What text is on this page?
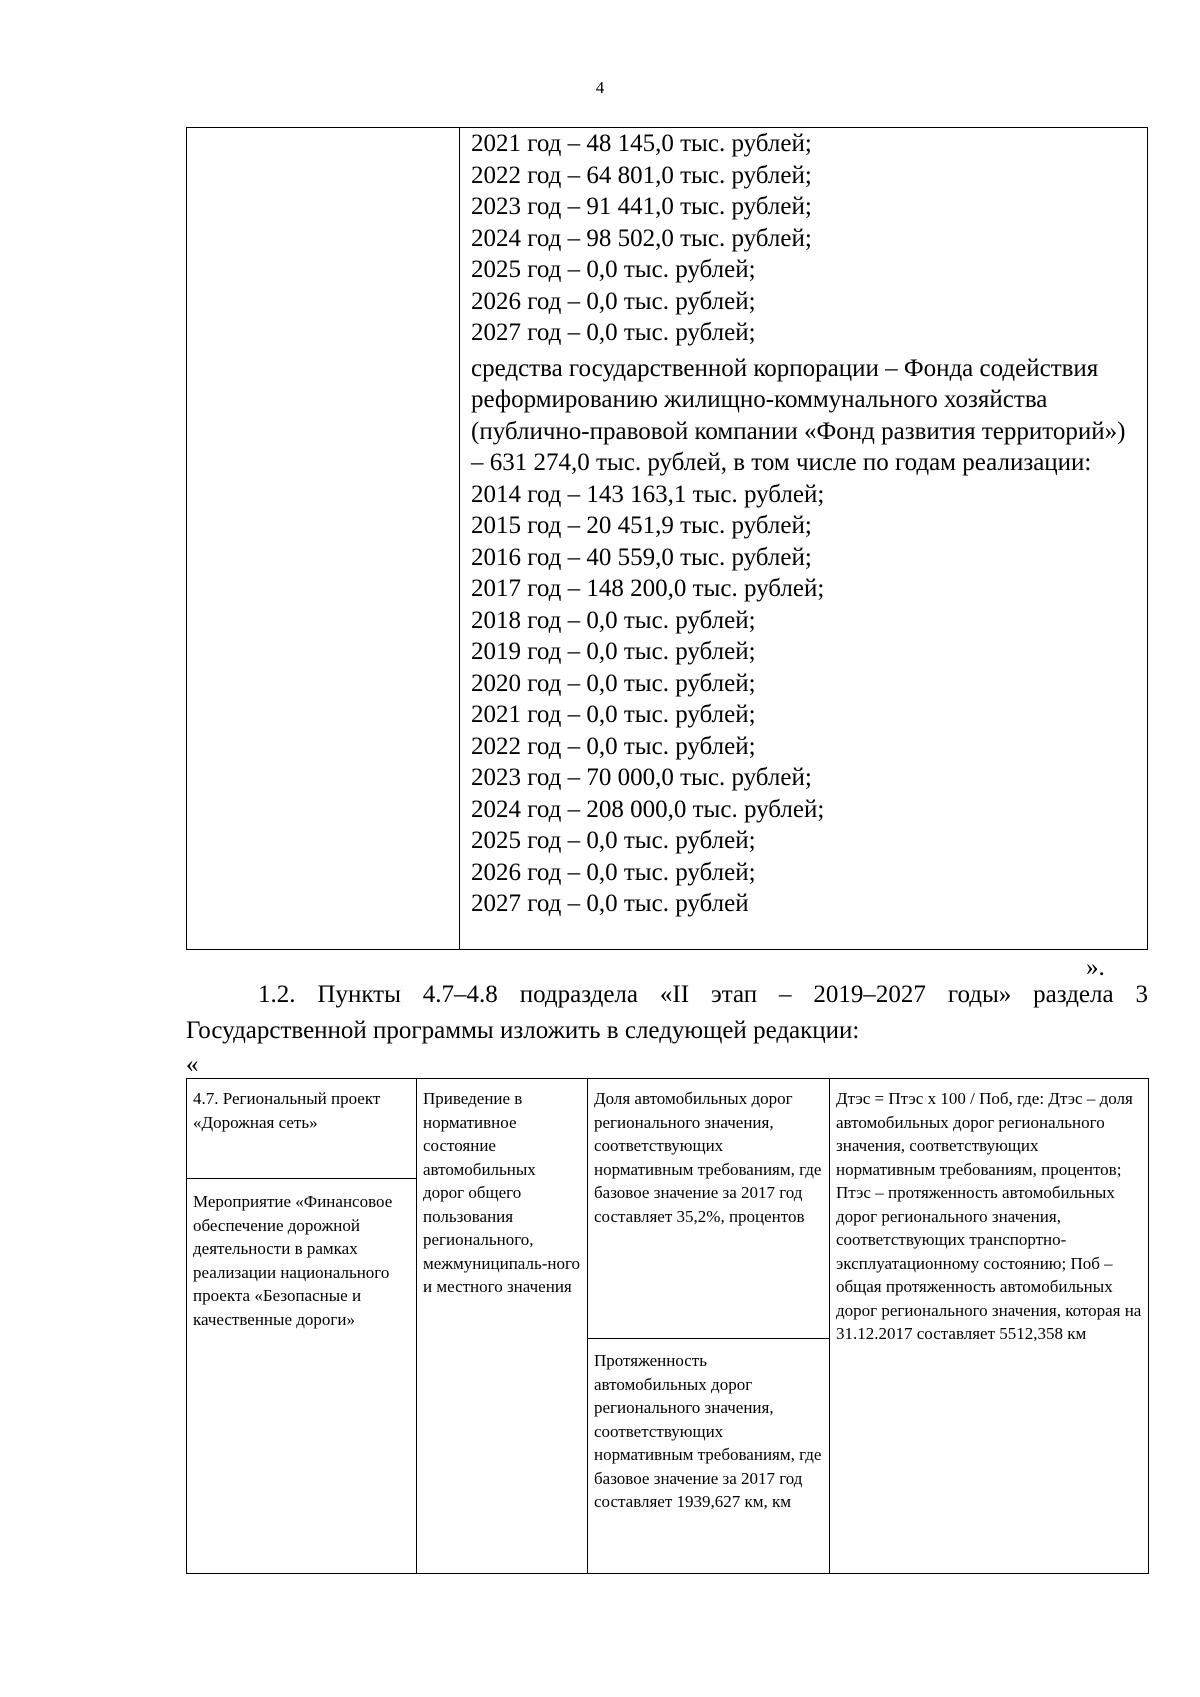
4
2021 год – 48 145,0 тыс. рублей;
2022 год – 64 801,0 тыс. рублей;
2023 год – 91 441,0 тыс. рублей;
2024 год – 98 502,0 тыс. рублей;
2025 год – 0,0 тыс. рублей;
2026 год – 0,0 тыс. рублей;
2027 год – 0,0 тыс. рублей;
средства государственной корпорации – Фонда содействия реформированию жилищно-коммунального хозяйства (публично-правовой компании «Фонд развития территорий») – 631 274,0 тыс. рублей, в том числе по годам реализации:
2014 год – 143 163,1 тыс. рублей;
2015 год – 20 451,9 тыс. рублей;
2016 год – 40 559,0 тыс. рублей;
2017 год – 148 200,0 тыс. рублей;
2018 год – 0,0 тыс. рублей;
2019 год – 0,0 тыс. рублей;
2020 год – 0,0 тыс. рублей;
2021 год – 0,0 тыс. рублей;
2022 год – 0,0 тыс. рублей;
2023 год – 70 000,0 тыс. рублей;
2024 год – 208 000,0 тыс. рублей;
2025 год – 0,0 тыс. рублей;
2026 год – 0,0 тыс. рублей;
2027 год – 0,0 тыс. рублей
».
1.2. Пункты 4.7–4.8 подраздела «II этап – 2019–2027 годы» раздела 3 Государственной программы изложить в следующей редакции:
«
4.7. Региональный проект «Дорожная сеть»
Мероприятие «Финансовое обеспечение дорожной деятельности в рамках реализации национального проекта «Безопасные и качественные дороги»
Приведение в нормативное состояние автомобильных дорог общего пользования регионального, межмуниципаль-ного и местного значения
Доля автомобильных дорог регионального значения, соответствующих нормативным требованиям, где базовое значение за 2017 год составляет 35,2%, процентов
Протяженность автомобильных дорог регионального значения, соответствующих нормативным требованиям, где базовое значение за 2017 год составляет 1939,627 км, км
Дтэс = Птэс х 100 / Поб, где: Дтэс – доля автомобильных дорог регионального значения, соответствующих нормативным требованиям, процентов; Птэс – протяженность автомобильных дорог регионального значения, соответствующих транспортно-эксплуатационному состоянию; Поб – общая протяженность автомобильных дорог регионального значения, которая на 31.12.2017 составляет 5512,358 км
